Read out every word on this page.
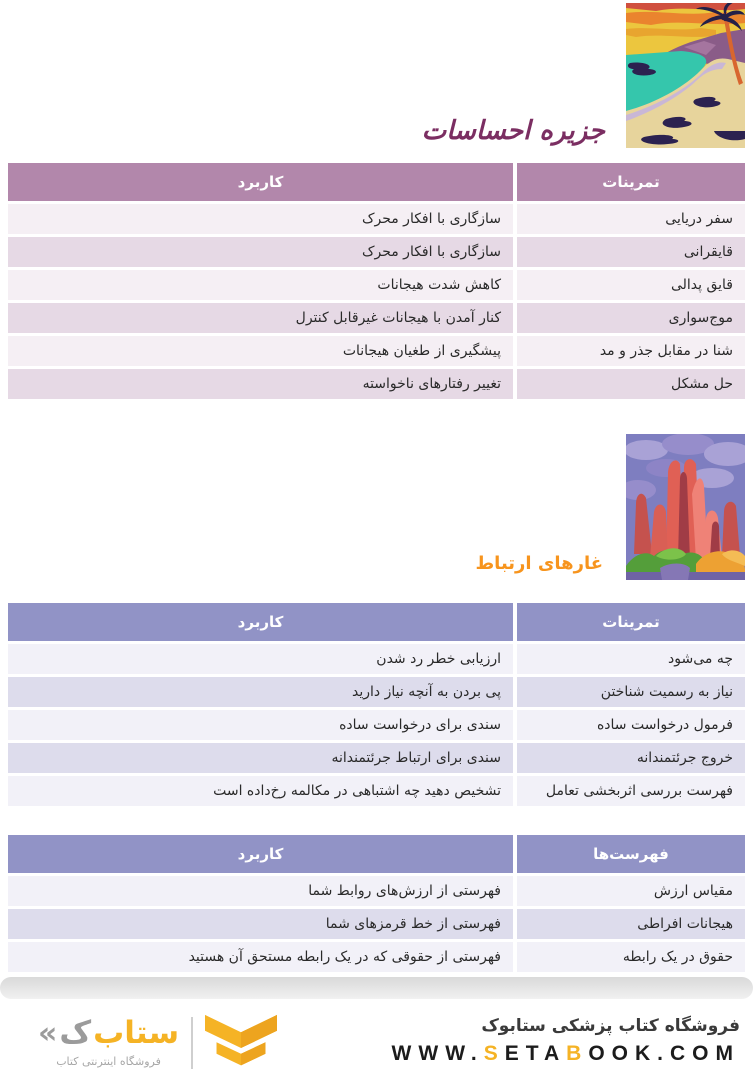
جزیره احساسات
کاربرد	تمرینات
سازگاری با افکار محرک	سفر دریایی
سازگاری با افکار محرک	قایقرانی
کاهش شدت هیجانات	قایق پدالی
کنار آمدن با هیجانات غیرقابل کنترل	موج‌سواری
پیشگیری از طغیان هیجانات	شنا در مقابل جذر و مد
تغییر رفتارهای ناخواسته	حل مشکل
غارهای ارتباط
کاربرد	تمرینات
ارزیابی خطر رد شدن	چه می‌شود
پی بردن به آنچه نیاز دارید	نیاز به رسمیت شناختن
سندی برای درخواست ساده	فرمول درخواست ساده
سندی برای ارتباط جرئتمندانه	خروج جرئتمندانه
تشخیص دهید چه اشتباهی در مکالمه رخ‌داده است	فهرست بررسی اثربخشی تعامل
کاربرد	فهرست‌ها
فهرستی از ارزش‌های روابط شما	مقیاس ارزش
فهرستی از خط قرمزهای شما	هیجانات افراطی
فهرستی از حقوقی که در یک رابطه مستحق آن هستید	حقوق در یک رابطه
« ک ستاب
فروشگاه اینترنتی کتاب
فروشگاه کتاب پزشکی ستابوک
WWW.SETABOOK.COM
